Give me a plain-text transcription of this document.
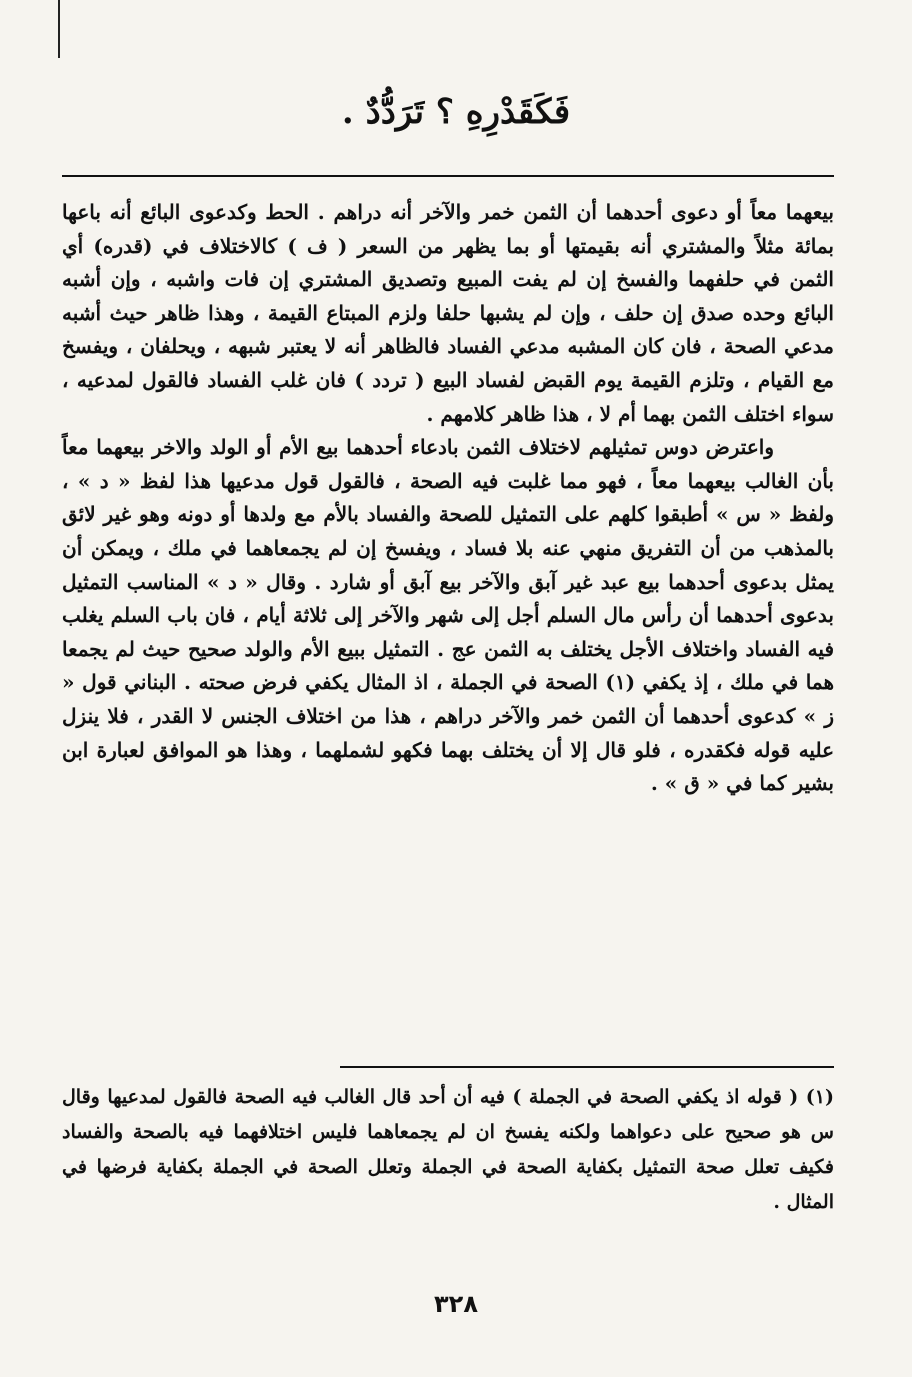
فَكَقَدْرِهِ ؟ تَرَدُّدٌ .

بيعهما معاً أو دعوى أحدهما أن الثمن خمر والآخر أنه دراهم . الحط وكدعوى البائع أنه باعها بمائة مثلاً والمشتري أنه بقيمتها أو بما يظهر من السعر ( ف ) كالاختلاف في (قدره) أي الثمن في حلفهما والفسخ إن لم يفت المبيع وتصديق المشتري إن فات واشبه ، وإن أشبه البائع وحده صدق إن حلف ، وإن لم يشبها حلفا ولزم المبتاع القيمة ، وهذا ظاهر حيث أشبه مدعي الصحة ، فان كان المشبه مدعي الفساد فالظاهر أنه لا يعتبر شبهه ، ويحلفان ، ويفسخ مع القيام ، وتلزم القيمة يوم القبض لفساد البيع ( تردد ) فان غلب الفساد فالقول لمدعيه ، سواء اختلف الثمن بهما أم لا ، هذا ظاهر كلامهم .

واعترض دوس تمثيلهم لاختلاف الثمن بادعاء أحدهما بيع الأم أو الولد والاخر بيعهما معاً بأن الغالب بيعهما معاً ، فهو مما غلبت فيه الصحة ، فالقول قول مدعيها هذا لفظ « د » ، ولفظ « س » أطبقوا كلهم على التمثيل للصحة والفساد بالأم مع ولدها أو دونه وهو غير لائق بالمذهب من أن التفريق منهي عنه بلا فساد ، ويفسخ إن لم يجمعاهما في ملك ، ويمكن أن يمثل بدعوى أحدهما بيع عبد غير آبق والآخر بيع آبق أو شارد . وقال « د » المناسب التمثيل بدعوى أحدهما أن رأس مال السلم أجل إلى شهر والآخر إلى ثلاثة أيام ، فان باب السلم يغلب فيه الفساد واختلاف الأجل يختلف به الثمن عج . التمثيل ببيع الأم والولد صحيح حيث لم يجمعا هما في ملك ، إذ يكفي (١) الصحة في الجملة ، اذ المثال يكفي فرض صحته . البناني قول « ز » كدعوى أحدهما أن الثمن خمر والآخر دراهم ، هذا من اختلاف الجنس لا القدر ، فلا ينزل عليه قوله فكقدره ، فلو قال إلا أن يختلف بهما فكهو لشملهما ، وهذا هو الموافق لعبارة ابن بشير كما في « ق » .

(١) ( قوله اذ يكفي الصحة في الجملة ) فيه أن أحد قال الغالب فيه الصحة فالقول لمدعيها وقال س هو صحيح على دعواهما ولكنه يفسخ ان لم يجمعاهما فليس اختلافهما فيه بالصحة والفساد فكيف تعلل صحة التمثيل بكفاية الصحة في الجملة وتعلل الصحة في الجملة بكفاية فرضها في المثال .

٣٢٨
